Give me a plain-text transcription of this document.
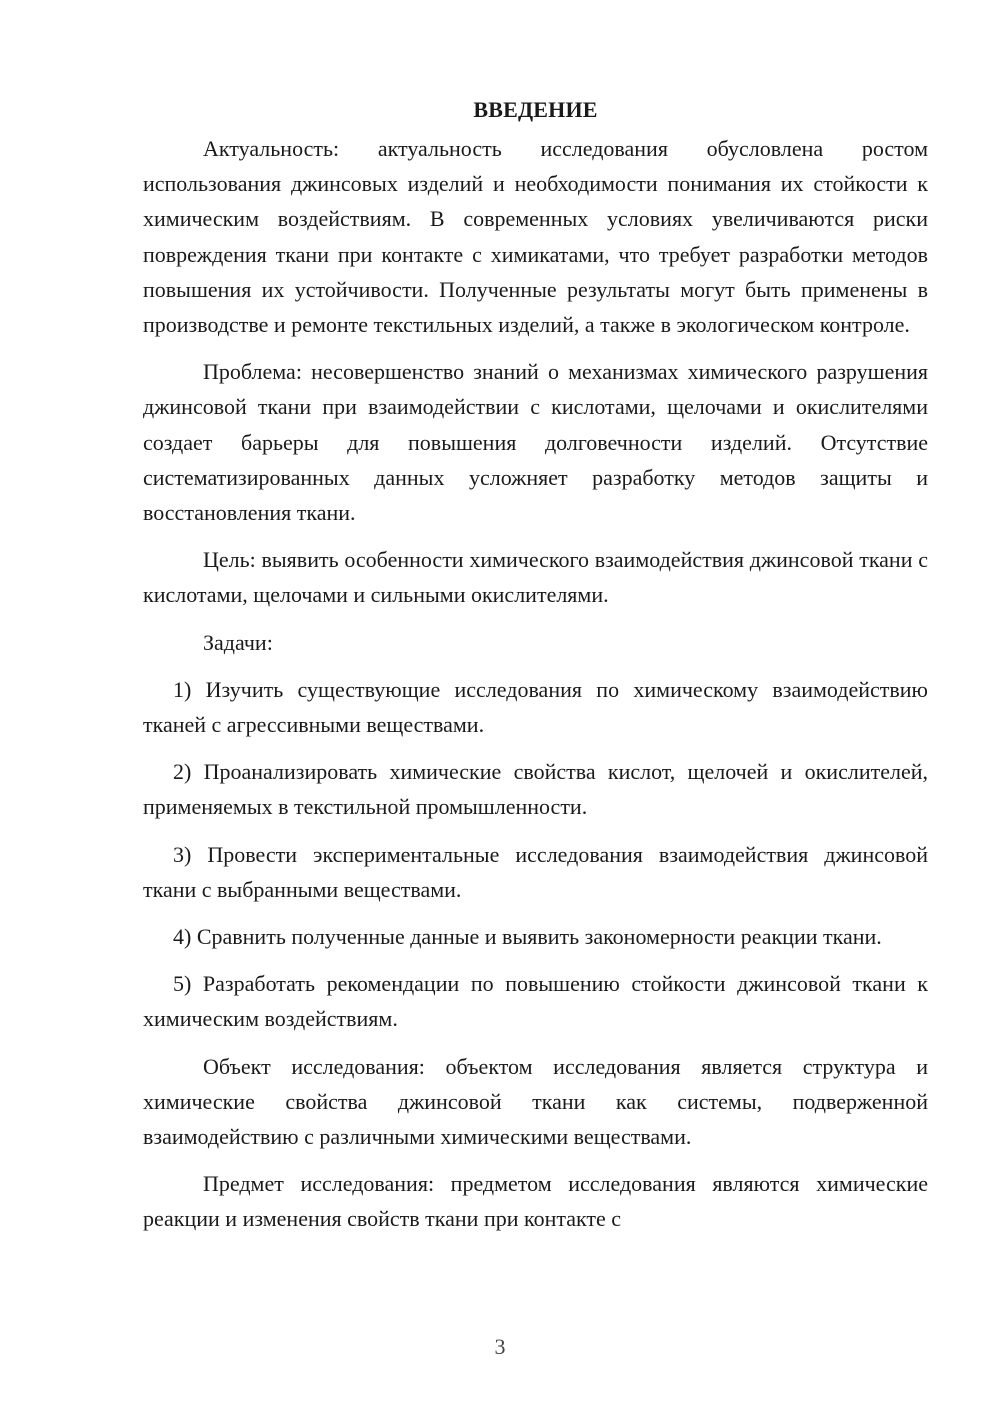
ВВЕДЕНИЕ

Актуальность: актуальность исследования обусловлена ростом использования джинсовых изделий и необходимости понимания их стойкости к химическим воздействиям. В современных условиях увеличиваются риски повреждения ткани при контакте с химикатами, что требует разработки методов повышения их устойчивости. Полученные результаты могут быть применены в производстве и ремонте текстильных изделий, а также в экологическом контроле.

Проблема: несовершенство знаний о механизмах химического разрушения джинсовой ткани при взаимодействии с кислотами, щелочами и окислителями создает барьеры для повышения долговечности изделий. Отсутствие систематизированных данных усложняет разработку методов защиты и восстановления ткани.

Цель: выявить особенности химического взаимодействия джинсовой ткани с кислотами, щелочами и сильными окислителями.

Задачи:

1) Изучить существующие исследования по химическому взаимодействию тканей с агрессивными веществами.

2) Проанализировать химические свойства кислот, щелочей и окислителей, применяемых в текстильной промышленности.

3) Провести экспериментальные исследования взаимодействия джинсовой ткани с выбранными веществами.

4) Сравнить полученные данные и выявить закономерности реакции ткани.

5) Разработать рекомендации по повышению стойкости джинсовой ткани к химическим воздействиям.

Объект исследования: объектом исследования является структура и химические свойства джинсовой ткани как системы, подверженной взаимодействию с различными химическими веществами.

Предмет исследования: предметом исследования являются химические реакции и изменения свойств ткани при контакте с

3
